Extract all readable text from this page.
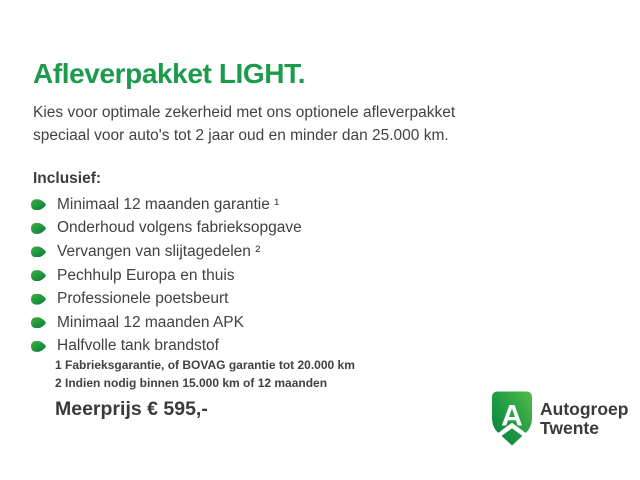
Afleverpakket LIGHT.
Kies voor optimale zekerheid met ons optionele afleverpakket
speciaal voor auto's tot 2 jaar oud en minder dan 25.000 km.
Inclusief:
Minimaal 12 maanden garantie ¹
Onderhoud volgens fabrieksopgave
Vervangen van slijtagedelen ²
Pechhulp Europa en thuis
Professionele poetsbeurt
Minimaal 12 maanden APK
Halfvolle tank brandstof
1 Fabrieksgarantie, of BOVAG garantie tot 20.000 km
2 Indien nodig binnen 15.000 km of 12 maanden
Meerprijs € 595,-	A Autogroep
Twente
